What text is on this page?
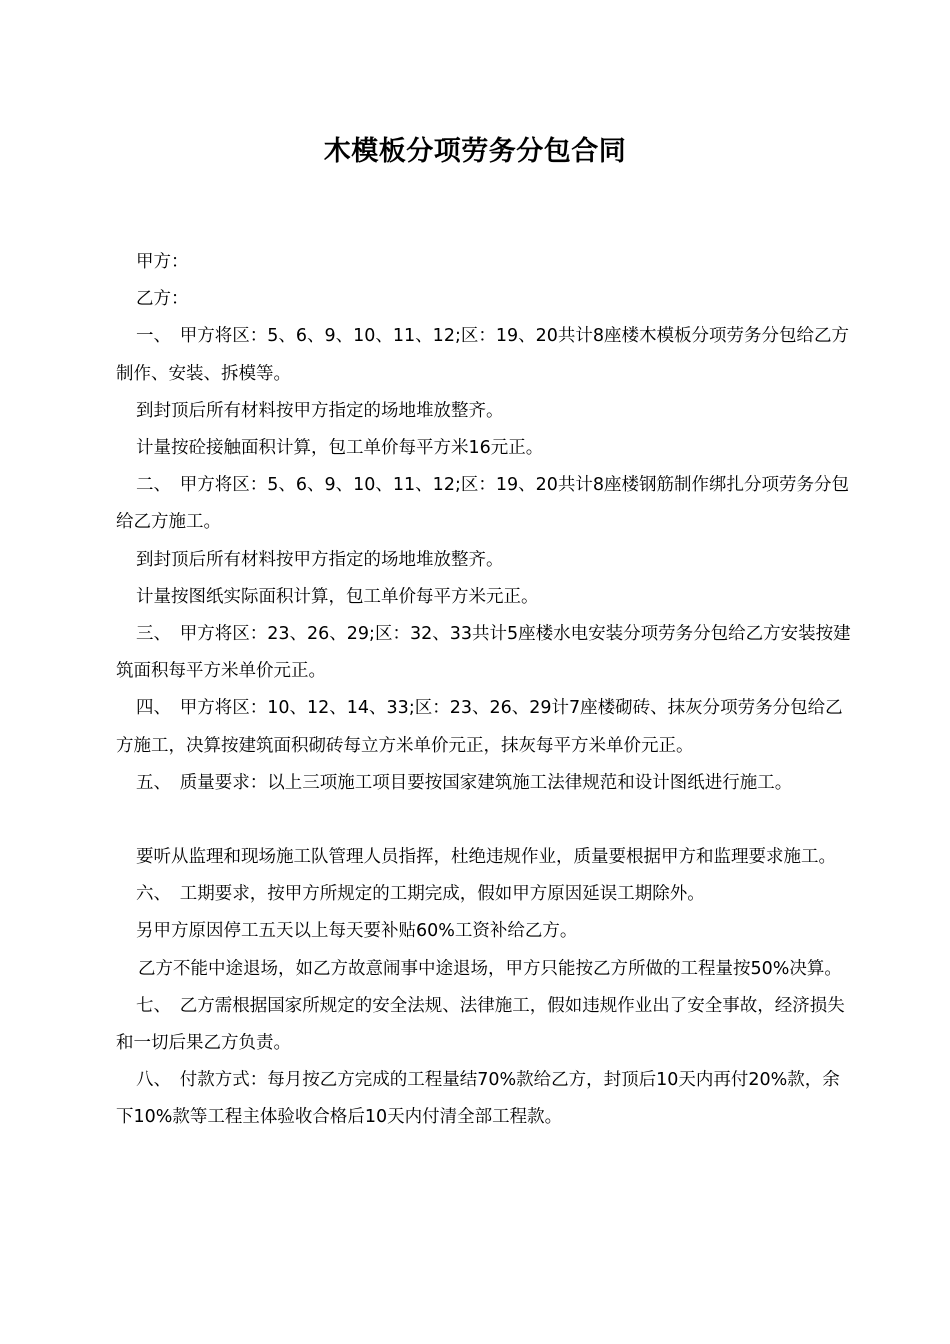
木模板分项劳务分包合同

甲方：

乙方：

一、　甲方将区：5、6、9、10、11、12;区：19、20共计8座楼木模板分项劳务分包给乙方制作、安装、拆模等。

到封顶后所有材料按甲方指定的场地堆放整齐。

计量按砼接触面积计算，包工单价每平方米16元正。

二、　甲方将区：5、6、9、10、11、12;区：19、20共计8座楼钢筋制作绑扎分项劳务分包给乙方施工。

到封顶后所有材料按甲方指定的场地堆放整齐。

计量按图纸实际面积计算，包工单价每平方米元正。

三、　甲方将区：23、26、29;区：32、33共计5座楼水电安装分项劳务分包给乙方安装按建筑面积每平方米单价元正。

四、　甲方将区：10、12、14、33;区：23、26、29计7座楼砌砖、抹灰分项劳务分包给乙方施工，决算按建筑面积砌砖每立方米单价元正，抹灰每平方米单价元正。

五、　质量要求：以上三项施工项目要按国家建筑施工法律规范和设计图纸进行施工。

要听从监理和现场施工队管理人员指挥，杜绝违规作业，质量要根据甲方和监理要求施工。

六、　工期要求，按甲方所规定的工期完成，假如甲方原因延误工期除外。

另甲方原因停工五天以上每天要补贴60%工资补给乙方。

乙方不能中途退场，如乙方故意闹事中途退场，甲方只能按乙方所做的工程量按50%决算。

七、　乙方需根据国家所规定的安全法规、法律施工，假如违规作业出了安全事故，经济损失和一切后果乙方负责。

八、　付款方式：每月按乙方完成的工程量结70%款给乙方，封顶后10天内再付20%款，余下10%款等工程主体验收合格后10天内付清全部工程款。
